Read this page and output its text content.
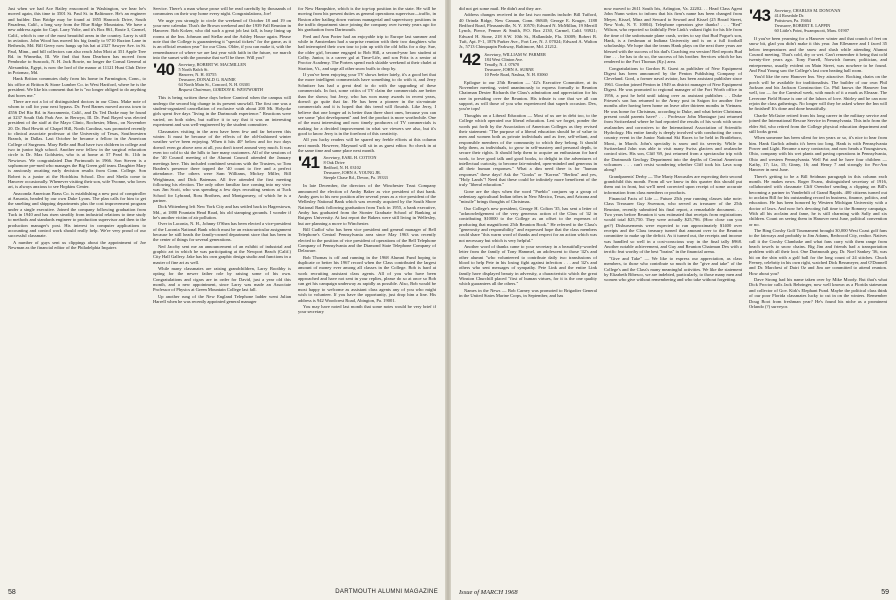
Just when we had Ace Bailey ensconced in Washington, we hear he's moved again, this time to 3501 St. Paul St. in Baltimore. He's an engineer and builder. Don Bridge may be found at 1855 Hancock Drive, South Pasadena, Calif., a long way from the Blue Ridge Mountains. We have a new address again for Capt. Larry Volte, and it's Box 861, Route 3, Carmel, Calif., which is one of the most beautiful areas in the country. Larry is still in aviation. John Wood has moved his big family to 9710 Ruxton Lane in Bethesda, Md. Bill Geery now hangs up his hat at 2327 Sawyer Ave. in St. Paul, Minn., and bill collectors can also reach John Mott at 351 Apple Tree Rd. in Winnetka, Ill. We find that Sam Dearborn has moved from Pembroke to Suncook, N. H. Jack Bowie, no longer the Consul General at Alexandria, Egypt, is now the lord of the manor at 11121 Hunt Club Drive in Potomac, Md.

Hank Britton commutes daily from his home in Farmington, Conn., to his office at Britton & Stone Lumber Co. in West Hartford, where he is the president. We like his comment that he is "no longer obliged to do anything that bores me."

There are not a lot of distinguished doctors in our Class. Make note of whom to call for your next bypass. Dr. Fred Barnes moved across town to 4556 Del Rio Rd. in Sacramento, Calif., and Dr. Ted Drake may be found at 3237 South Oak Park Ave. in Berwyn, Ill. Dr. Paul Bayed was elected president of the staff at the Mayo Clinic, Rochester, Minn., on November 20. Dr. Bud Hewitt of Chapel Hill, North Carolina, was promoted recently to clinical associate professor at the University of Texas, Southwestern Branch, in Dallas. Last October he became a fellow in the American College of Surgeons. Mary Belle and Bud have two children in college and two in junior high school. Another new fellow in the surgical education circle is Dr. Max Goldstein, who is at home at 57 Pearl St. 11th in Newtown. We congratulated Dan Portmouth in 1966. Son Steven is a sophomore pre-med who manages the Big Green golf team. Daughter Mary is anxiously awaiting early decision results from Conn. College. Son Robert is a junior at the Hotchkiss School. Doc and Sheila come to Hanover occasionally. Whenever visiting their son, wife Yvonne, who loves art, is always anxious to see Hopkins Center.

Anaconda American Brass Co. is establishing a new post of comptroller at Ansonia, headed by our own Duke Lyons. The plan calls for him to get the smelting and shipping departments plus the cost improvement program under a single executive. Joined the company following graduation from Tuck in 1940 and has risen steadily from industrial relations to time study to methods and standards engineer to production supervisor and then to the production manager's post. His interest in computer applications to accounting and control work should really help. We're very proud of our successful classmate.

A number of guys sent us clippings about the appointment of Joe Newman as the financial editor of the Philadelphia Inquirer.

Service. There's a man whose prose will be read carefully by thousands of commuters on their way home every night. Congratulations, Joe!

We urge you strongly to circle the weekend of October 18 and 19 on your new calendar. That's the Brown weekend and the 1939 Fall Reunion in Hanover. Bob Kolzer, who did such a great job last fall, is busy lining up rooms at the Inn. Johnson and Stellar and the Ashley House again. Please note that the College is guaranteeing it "special tickets" for the game, as it is an official reunion year" for our Class. Older, if you can make it, with the remembrance of where we are last year with faith in the future, we march into the sunset with the promise that we'll be there. Will you?

'40 Secretary, ROBERT W. MACMILLEN
5 North Balch St.
Hanover, N. H. 03755
Treasurer, DONALD G. RAINIE
64 North Main St., Concord, N. H. 03301
Bequest Chairman, GORDON K. WENTWORTH

This is being written these days before Carnival when the campus will undergo the second big change in its present snowfall. The first one was a student-organized cancellation of exclusive with about 200 Mt. Holyoke girls spent five days "living in the Dartmouth experience." Reactions were varied, on both sides, but suffice it to say that it was an interesting experiment and was well-engineered by the student committee.

Classmates visiting in the area have been few and far between this winter. It must be because of the effects of the old-fashioned winter weather we've been enjoying. When it hits 40° below and for two days doesn't even go above zero at all, you don't travel around very much. It was even too cold to ski the hills to lure many customers. All of the sessions of the '40 Council meeting of the Alumni Council attended the January meetings here. This included combined sessions with the Trustees, so Tom Braden's presence there topped the '40 count to five and a perfect attendance. The others were Sam Williams, Mickey Miller, Bill Weightman, and Dick Bateman. All five attended the first meeting following his election. The only other familiar face coming into my view was Jim Scott, who was spending a few days recruiting seniors at Tuck School for Lybrand, Ross Brothers, and Montgomery, of which he is a partner.

Dick Wittenberg left New York City and has settled back in Hagerstown, Md., at 1880 Fountain Head Road, his old stamping grounds. I wonder if he's another victim of air pollution.

Over in Laconia, N. H., Johnny O'Shea has been elected a vice-president of the Laconia National Bank which must be an extracurricular assignment because he still heads the family-owned department store that has been in the center of things for several generations.

Ned Jacoby sent me an announcement of an exhibit of industrial and graphic art in which he was participating at the Newport Beach (Calif.) City Hall Gallery. Jake has his own graphic design studio and functions in a master of fine art as well.

While many classmates are raising grandchildren, Larry Boothby is opting for the newer father role by raising some of his own. Congratulations and cigars are in order for David, just a year old this month, and a new appointment, since Larry was made an Associate Professor of Physics at Green Mountain College last fall.

Up another rung of the New England Telephone ladder went Julian Harrell when he was recently appointed general manager

for New Hampshire, which is the top-top position in the state. He will be moving from his present duties as general operations supervisor—traffic, in Boston after hailing down various managerial and supervisory positions in the traffic department since joining the company over twenty years ago for his graduation from Dartmouth.

Fred and Ann Porter had an enjoyable trip to Europe last summer and while in Amsterdam had a surprise reunion with their two daughters who had interrupted their own tour to join up with the old folks for a day. Sue, the older girl, became engaged to Bob Hill, a second-year law student at Colby. Junior, is a career gal at Time-Life, and son Fritz is a senior at Proctor Academy. The Porters spend each skiable weekend at their chalet at Stratton, Vt., and urge all other snow buffs to drop by.

If you've been enjoying your TV shows better lately, it's a good bet that the more intelligent commercials have something to do with it, and Jerry Schnitzer has had a great deal to do with the upgrading of these commercials. In fact, some critics of TV claim the commercials are better than the shows; but Jerry, who has won many awards in recent years, doesn't go quite that far. He has been a pioneer in the six-minute commercials and it is hoped that this trend will flourish. Like Jerry, I believe that one longer ad is better than three short ones, because you can see some "plot development" and feel the product is more worthwhile. One of the most interesting and now timely producers of TV commercials is making for a decided improvement in what we viewers see also, but it's good to know Jerry is in the forefront of this creativity.

All you lucky readers will be spared my feeble efforts at this column next month. However, Maynard will sit in as guest editor. So check in at the same time and same place next month.

'41 Secretary, EARL H. COTTON
8 Oak Drive
Bedford, N. H. 03102
Treasurer, JOHN A. YOUNG JR.
Steeple Chase Rd., Devon, Pa. 19333

In late December, the directors of the Winchester Trust Company announced the election of Amby Baker as vice president of that bank. Amby goes to his new position after several years as a vice president of the Wellesley National Bank which was recently acquired by the South Shore National Bank following graduation from Tuck in 1955, a bank executive, Amby has graduated from the Stonier Graduate School of Banking at Rutgers University. At last report the Bakers were still living in Wellesley, but are planning a move to Winchester.

Bill Cudlof who has been vice president and general manager of Bell Telephone's Central Pennsylvania area since May 1963 was recently elected to the position of vice president of operations of the Bell Telephone Company of Pennsylvania and the Diamond State Telephone Company of Delaware.

Bob Thomas is off and running in the 1968 Alumni Fund hoping to duplicate or better his 1967 record when the Class contributed the largest amount of money ever among all classes in the College. Bob is hard at work recruiting assistant class agents. All of you who have been approached and have not sent in your replies, please do so at once so Bob can get his campaign underway as rapidly as possible. Also, Bob would be most happy to welcome as assistant class agents any of you who might wish to volunteer. If you have the opportunity, just drop him a line. His address is 942 Woodcrest Road, Abington, Pa. 19001.

You may have noted last month that some notes would be very brief if your secretary

58	DARTMOUTH ALUMNI MAGAZINE

did not get some mail. He didn't and they are.

Address changes received in the last two months include: Bill Tufford, 40 Orinda Ridge, New Canaan, Conn. 06840; George E. Kruger, 1188 Bedford Road, Pleasantville, N. Y. 10570; Edward N. McMillan, 19 Merrill Lynch, Pierce, Fenner & Smith, P.O. Box 2130, Carmel, Calif. 93921; Edward H. Stone, 218 S.W. 10th St., Hallandale, Fla. 33009; Robert B. Tuft, Apt. F-1, 1876 Parker Ave., Fort Lee, N. J. 07024; Edward A. Walton Jr., 5713 Chinquapin Parkway, Baltimore, Md. 21212.

'42 Secretary, WILLIAM W. PARMER
184 West Clinton Ave.
Tenafly, N. J. 07670
Treasurer, JOHN A. SURNE
10 Peele Road, Nashua, N. H. 03060

Epilogue to our 25th Reunion — '42's Executive Committee, at its November meeting, voted unanimously to express formally to Reunion Chairman Dexter Richards the Class's admiration and appreciation for his rare in presiding over the Reunion. His tribute is one that we all can support, as will those of you who experienced that superb occasion. Dex, you're tops!

Thoughts on a Liberal Education — Most of us are in debt too, to the College which operated our liberal education. Lest we forget, ponder the words put forth by the Association of American Colleges as they revised their statement: "The purpose of a liberal education should be of value to men and women both as private individuals and as free, self-reliant, and responsible members of the community to which they belong. It should help them, as individuals, to grow in self-mastery and personal depth, to secure their rights. It should help them to acquire an enthusiasm for hard work, to love good talk and good books, to delight in the adventures of intellectual curiosity, to become fair-minded, open-minded and generous in all their human responses." What a dim need there is for "human responses" these days! Ask the "Gooks" or "Koreas" "Berlins" and yes, "Holy Lands"! Need that these could be infinitely more beneficent of the truly "liberal education."

Gone are the days when the word "Pueblo" conjures up a group of sedentary agricultural Indian tribes in New Mexico, Texas, and Arizona and "missile" brings thoughts of Christmas.

Our College's new president, George H. Colton '35, has sent a letter of "acknowledgement of the very generous action of the Class of '42 in contributing $10000 to the College as an offset to the expenses of producing that magnificent 25th Reunion Book." He referred to the Class's "generosity and responsibility" and expressed hope that the class members could share "this warm word of thanks and respect for an action which was not necessary but which is very helpful."

Another word of thanks came to your secretary in a beautifully-worded letter from the family of Tony Hammel, an adolescent to those '42's and other alumni "who volunteered to contribute daily two transfusions of blood to help Pete in his losing fight against infection . . . and '42's and others who sent messages of sympathy. Pete Link and the entire Link family have displayed beauty in adversity, a characteristic which the great Winston Churchill placed "first of human virtues, for it is the one quality which guarantees all the others."

Names in the News — Bob Carney was promoted to Brigadier General in the United States Marine Corps, in September, and has

now moved to 2611 South Iris, Arlington, Va. 22202. . . Head Class Agent John Nunn writes to inform that his firm's name has been changed from Meyer, Kissel, Minz and Seward to Seward and Kissel (25 Broad Street, New York, N. Y. 10004). Telephone operators give thanks! . . . "Red" Wilson, who reported so faithfully Pete Link's valiant fight for his life from the time of the unfortunate plane crash, writes to say that Bud Pogue's son, Hank, is a freshman at Indiana University and is on a full football scholarship. We hope that the teams Hank plays on the next three years are blessed with the success of his dad's Coaching era version! Red reports Bud fine . . . he has to do so, the success of his brother. Services which he has rendered to the Fort Thomas (Ky.) area.

Congratulations to Gordon B. Guest as publisher of New Equipment Digest has been announced by the Penton Publishing Company of Cleveland. Gord, a former naval aviator, has been assistant publisher since 1961. Gordon joined Penton in 1949 as district manager of New Equipment Digest. He was promoted to regional manager of the Fort Worth office in 1956, a post he held until taking over as assistant publisher. . . Duke Friesen's son has returned to the Army post in Saigon for another five months after having been home on leave after thirteen months in Vietnam. He was home for Christmas, according to Duke, and what better Christmas present could parents have? . . . Professor John Montague just returned from Switzerland where he had reported the results of his work with snow avalanches and corrosives to the International Association of Scientific Hydrology. His entire family is deeply involved with conducting the cross country event in the Junior National Ski Races to be held in Brattleboro, Mont., in March. John's specialty is snow and its severity. While in Switzerland John was able to visit many Swiss glaciers and avalanche control sites. His son, Cliff '69, just returned from a spectacular trip with the Dartmouth Geology Department into the depths of Central American volcanoes . . . can't resist wondering whether Cliff took his Lava soap along?

Grandparents' Derby — The Marty Harcastles are expecting their second grandchild this month. From all we know in this quarter this should put them out in front, but we'll need corrected upon receipt of some accurate information from class members or products.

Financial Facts of Life — Future 25th year running classes take note: Class Treasurer Guy Swenson, who served as treasurer of the 25th Reunion, recently submitted his final report, a remarkable document. . . Two years before Reunion it was estimated that receipts from registrations would total $25,750. They were actually $25,796. (How close can you get?) Disbursements were expected to run approximately $1400 over receipts and the Class treasury turned that amount over to the Reunion committee to make up the deficit. As it turned out, the receipts and income was handled so well in a cost-conscious way in the final tally $968. Another notable achievement, and Guy and Reunion Chairman Dex with a terrific feat worthy of the best "brains" in the financial arena.

"Give and Take" — We like to express our appreciation, as class members, to those who contribute so much in the "give and take" of the College's and the Class's many meaningful activities. We like the statement by Elizabeth Bibesco, we are indebted, particularly, to those many men and women who give without remembering and who take without forgetting.

'43 Secretary, CHARLES M. DONOVAN
414 Rosedale Dr.
Pottstown, Pa. 19464
Treasurer, ROBERT E. LAPPIN
60 Little's Point, Swampscott, Mass. 01907

If you've been yearning for a Hanover winter and that crunch of feet on snow bit, glad you didn't make it this year. Jan Ellesmere and I faced 35 below temperatures and the snow and slush while attending Alumni Council meeting. That's cold, dry or wet. Can't remember it being that cold twenty-five years ago. Tony Farrell, Norwich farmer, politician, and entrepreneur, usually evident on Main Street, was nowhere to be found. And Paul Young saw the College's last own heating hall room.

You'd like the new Hanover Inn. Very attractive. Rocking chairs on the porch will be available for traditionalists. The builder of our own Phil Jackson and his Jackson Construction Co. Phil knows the Hanover Inn well, too — for the Carnival week, with much of it a mark as Eleazar. The Leverone Field House is one of the lahors of love. Shirley and he can now rejoin the class gatherings. No longer will they be asked where the Inn will be finished! It's done and done beautifully.

Charlie McGuire retired from his long career in the military service and joined the International Rescue Service in Pennsylvania. This info from the elder Sid, who retired from the College physical education department and still looks great.

When someone has been silent for ten years or so, it's nice to hear from him. Hank Garlick admits it's been too long. Hank is with Pennsylvania Power and Light. Became a navy contractor, and now heads a Youngstown, Ohio, company with his wet plants and paving operations in Pennsylvania, Ohio and western Pennsylvania. Well Pat and he have four children — Kathy, 17; Liz, 15; Ginny, 16; and Henry 7 and strongly for Pro-Am Hanover in next June.

There's getting to be a Bill Seidman paragraph in this column each month. He makes news. Roger Evans, distinguished secretary of 1916, collaborated with classmate Cliff Orendorf sending a clipping on Bill's becoming a partner in Vanderbilt of Grand Rapids. 400 citizens turned out to acclaim Bill for his outstanding record in business, finance, politics, and education. He has been honored by Western Michigan University with a doctor of laws. And now he's devoting full time to the Romney campaign. With all his acclaim and fame, he is still charming with Sally and six children. Count on seeing them in Hanover next June, political convention or no.

The Bing Crosby Golf Tournament brought 30,000 West Coast golf fans to the fairways and probably to Jim Adams, Redwood City, realtor. Natives call it the Crosby Clambake and what fans carry with them range from beach towels to snow chains. Big Jim and friends had a transportation problem with all their loot. One Dartmouth guy, Dr. Noel Sankey '36, was hit on the shin with a golf ball for the long count of 24 stitches. Chuck Feeney, celebrity in his own right, watched Dick Ressmeyer, and O'Donnell and Dr. Marchesi of Dairi Oz and Jim are committed to attend reunion. How about you?

Dave Strong had his name taken over by Mike Moody. But that's what Dick Proctor calls Jack Behringer, now well known as a Florida statesman and collector of Gov. Kirk's Elephant Fund. Maybe the political class think of our poor Florida classmates lucky to cut in on the winters. Remember Doug Boot from freshman year? He's found his niche as a prominent Orlando (?) surveyor.

Issue of MARCH 1968	59
